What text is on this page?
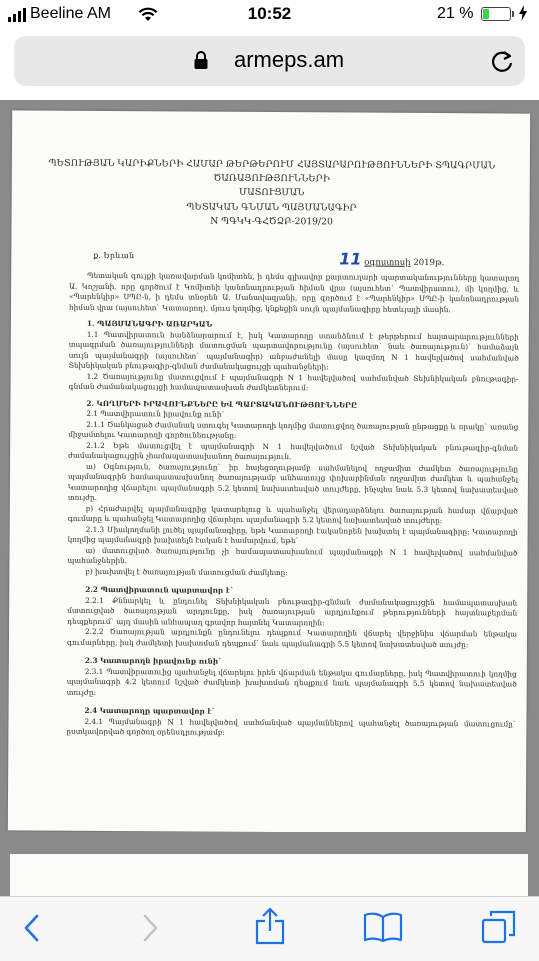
Beeline AM	10:52	21 %
armeps.am
ՊԵՏՈՒԹՅԱՆ ԿԱՐԻՔՆԵՐԻ ՀԱՄԱՐ ԹԵՐԹԵՐՈՒՄ ՀԱՅՏԱՐԱՐՈՒԹՅՈՒՆՆԵՐԻ ՏՊԱԳՐՄԱՆ
ԾԱՌԱՅՈՒԹՅՈՒՆՆԵՐԻ
ՄԱՏՈՒՑՄԱՆ
ՊԵՏԱԿԱՆ ԳՆՄԱՆ ՊԱՅՄԱՆԱԳԻՐ
N ՊԳԿԿ-ԳՀԾՁԲ-2019/20
ք. Երևան	11 օգոստոսի 2019թ.

Պետական գույքի կառավարման կոմիտեն, ի դեմս գլխավոր քարտուղարի պարտականությունները կատարող Ա. Կոշյանի, որը գործում է Կոմիտեի կանոնադրության հիման վրա (այսուհետ` Պատվիրատու), մի կողմից, և «Պարենկիր» ՍՊԸ-ն, ի դեմս տնօրեն Ա. Մանավազյանի, որը գործում է «Պարենկիր» ՍՊԸ-ի կանոնադրության հիման վրա (այսուհետ` Կատարող), մյուս կողմից, կնքեցին սույն պայմանագիրը հետևյալի մասին.

1. ՊԱՅՄԱՆԱԳՐԻ ԱՌԱՐԿԱՆ

1.1 Պատվիրատուն հանձնարարում է, իսկ Կատարողը ստանձնում է թերթերում հայտարարությունների տպագրման ծառայությունների մատուցման պարտավորությունը (այսուհետ` նաև ծառայություն)` համաձայն սույն պայմանագրի (այսուհետ` պայմանագիր) անբաժանելի մասը կազմող N 1 հավելվածով սահմանված Տեխնիկական բնութագիր-գնման ժամանակացույցի պահանջների:

1.2 Ծառայությունը մատուցվում է պայմանագրի N 1 հավելվածով սահմանված Տեխնիկական բնութագիր-գնման ժամանակացույցի համապատասխան ժամկետներում:

2. ԿՈՂՄԵՐԻ ԻՐԱՎՈՒՆՔՆԵՐԸ ԵՎ ՊԱՐՏԱԿԱՆՈՒԹՅՈՒՆՆԵՐԸ

2.1 Պատվիրատուն իրավունք ունի`

2.1.1 Ծանկացած ժամանակ ստուգել Կատարողի կողմից մատուցվող ծառայության ընթացքը և որակը` առանց միջամտելու Կատարողի գործունեությանը:

2.1.2 Եթե մատուցվել է պայմանագրի N 1 հավելվածում նշված Տեխնիկական բնութագիր-գնման ժամանակացույցին չհամապատասխանող ծառայություն.

ա) Օգնություն, ծառայությունը` իր հայեցողությամբ սահմանելով ողջամիտ ժամկետ ծառայությունը պայմանագրին համապատասխանող ծառայությամբ անհատույց փոխարինման ողջամիտ ժամկետ և պահանջել Կատարողից վճարելու պայմանագրի 5.2 կետով նախատեսված տույժերը, ինչպես նաև 5.3 կետով նախատեսված տույժը.

բ) Հրաժարվել պայմանագրից կատարելուց և պահանջել վերադարձնելու ծառայության համար վճարված գումարը և պահանջել Կատարողից վճարելու պայմանագրի 5.2 կետով նախատեսված տույժերը:

2.1.3 Միակողմանի լուծել պայմանագիրը, եթե Կատարողի էականորեն խախտել է պայմանագիրը: Կատարողի կողմից պայմանագրի խախտելն էական է համարվում, եթե`

ա) մատուցված ծառայությունը չի համապատասխանում պայմանագրի N 1 հավելվածով սահմանված պահանջներին.

բ) խախտվել է ծառայության մատուցման ժամկետը:

2.2 Պատվիրատուն պարտավոր է`

2.2.1 Քննարկել և ընդունել Տեխնիկական բնութագիր-գնման ժամանակացույցին համապատասխան մատուցված ծառայության արդյունքը, իսկ ծառայության արդյունքում թերությունների հայտնաբերման դեպքերում` այդ մասին անհապաղ գրավոր հայտնել Կատարողին:

2.2.2 Ծառայության արդյունքն ընդունելու դեպքում Կատարողին վճարել վերջինիս վճարման ենթակա գումարները, իսկ ժամկետի խախտման դեպքում` նաև պայմանագրի 5.5 կետով նախատեսված տույժը:

2.3 Կատարողն իրավունք ունի`

2.3.1 Պատվիրատուից պահանջել վճարելու իրեն վճարման ենթակա գումարները, իսկ Պատվիրատուի կողմից պայմանագրի 4.2 կետում նշված ժամկետի խախտման դեպքում նաև պայմանագրի 5.5 կետով նախատեսված տույժը:

2.4 Կատարողը պարտավոր է`

2.4.1 Պայմանագրի N 1 հավելվածով սահմանված պայմաններով պահանջել ծառայության մատուցումը` ըստկավորված գործող օրենսդրությամբ:
